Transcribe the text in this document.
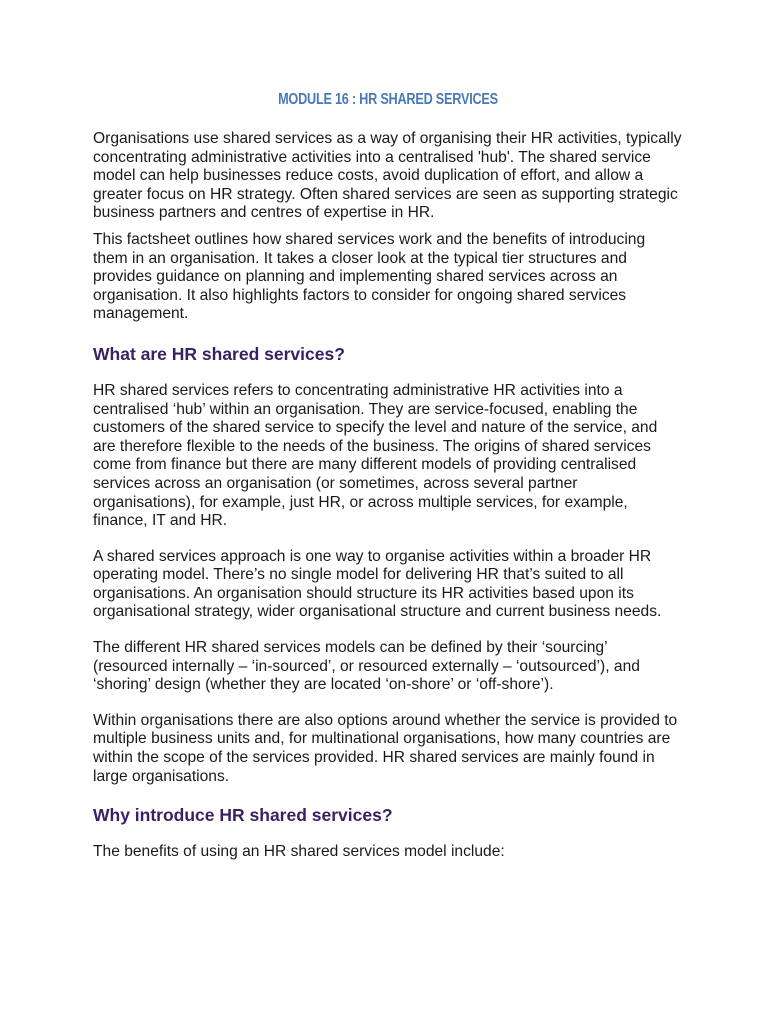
MODULE 16 : HR SHARED SERVICES

Organisations use shared services as a way of organising their HR activities, typically concentrating administrative activities into a centralised 'hub'. The shared service model can help businesses reduce costs, avoid duplication of effort, and allow a greater focus on HR strategy. Often shared services are seen as supporting strategic business partners and centres of expertise in HR.

This factsheet outlines how shared services work and the benefits of introducing them in an organisation. It takes a closer look at the typical tier structures and provides guidance on planning and implementing shared services across an organisation. It also highlights factors to consider for ongoing shared services management.

What are HR shared services?

HR shared services refers to concentrating administrative HR activities into a centralised ‘hub’ within an organisation. They are service-focused, enabling the customers of the shared service to specify the level and nature of the service, and are therefore flexible to the needs of the business. The origins of shared services come from finance but there are many different models of providing centralised services across an organisation (or sometimes, across several partner organisations), for example, just HR, or across multiple services, for example, finance, IT and HR.

A shared services approach is one way to organise activities within a broader HR operating model. There’s no single model for delivering HR that’s suited to all organisations. An organisation should structure its HR activities based upon its organisational strategy, wider organisational structure and current business needs.

The different HR shared services models can be defined by their ‘sourcing’ (resourced internally – ‘in-sourced’, or resourced externally – ‘outsourced’), and ‘shoring’ design (whether they are located ‘on-shore’ or ‘off-shore’).

Within organisations there are also options around whether the service is provided to multiple business units and, for multinational organisations, how many countries are within the scope of the services provided. HR shared services are mainly found in large organisations.

Why introduce HR shared services?

The benefits of using an HR shared services model include:
